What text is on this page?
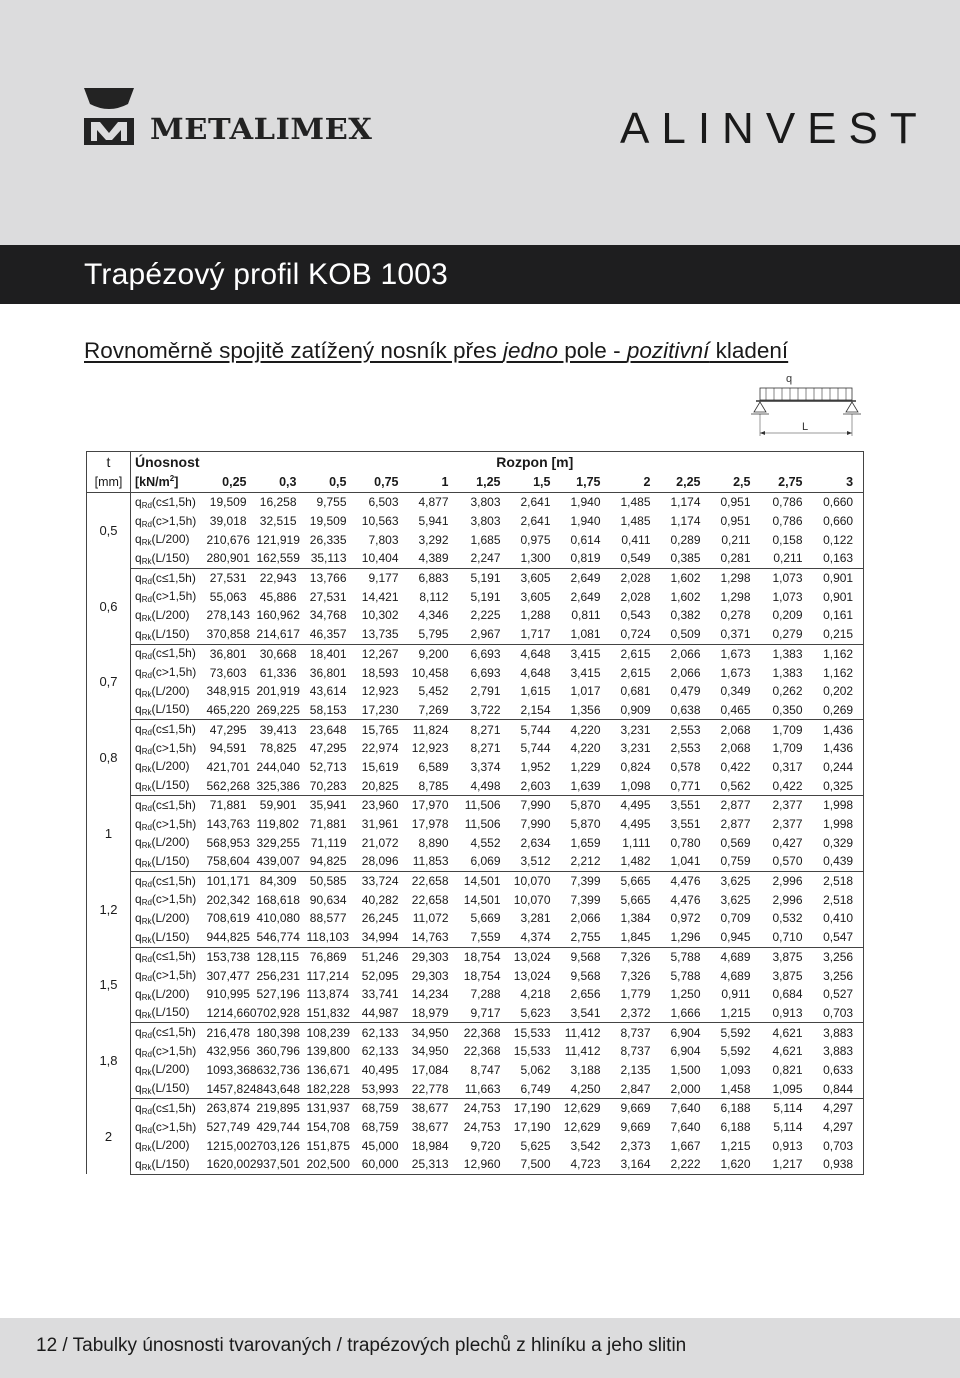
METALIMEX	ALINVEST
Trapézový profil KOB 1003
Rovnoměrně spojitě zatížený nosník přes jedno pole - pozitivní kladení
q
L
t	Únosnost	Rozpon [m]												
[mm]	$[kN/m^2]$	0,25	0,3	0,5	0,75	1	1,25	1,5	1,75	2	2,25	2,5	2,75	3
0,5	$q_{Rd}(c\le 1,5h)$	19,509	16,258	9,755	6,503	4,877	3,803	2,641	1,940	1,485	1,174	0,951	0,786	0,660
	$q_{Rd}(c>1,5h)$	39,018	32,515	19,509	10,563	5,941	3,803	2,641	1,940	1,485	1,174	0,951	0,786	0,660
	$q_{Rk}(L/200)$	210,676	121,919	26,335	7,803	3,292	1,685	0,975	0,614	0,411	0,289	0,211	0,158	0,122
	$q_{Rk}(L/150)$	280,901	162,559	35,113	10,404	4,389	2,247	1,300	0,819	0,549	0,385	0,281	0,211	0,163
0,6	$q_{Rd}(c\le 1,5h)$	27,531	22,943	13,766	9,177	6,883	5,191	3,605	2,649	2,028	1,602	1,298	1,073	0,901
	$q_{Rd}(c>1,5h)$	55,063	45,886	27,531	14,421	8,112	5,191	3,605	2,649	2,028	1,602	1,298	1,073	0,901
	$q_{Rk}(L/200)$	278,143	160,962	34,768	10,302	4,346	2,225	1,288	0,811	0,543	0,382	0,278	0,209	0,161
	$q_{Rk}(L/150)$	370,858	214,617	46,357	13,735	5,795	2,967	1,717	1,081	0,724	0,509	0,371	0,279	0,215
0,7	$q_{Rd}(c\le 1,5h)$	36,801	30,668	18,401	12,267	9,200	6,693	4,648	3,415	2,615	2,066	1,673	1,383	1,162
	$q_{Rd}(c>1,5h)$	73,603	61,336	36,801	18,593	10,458	6,693	4,648	3,415	2,615	2,066	1,673	1,383	1,162
	$q_{Rk}(L/200)$	348,915	201,919	43,614	12,923	5,452	2,791	1,615	1,017	0,681	0,479	0,349	0,262	0,202
	$q_{Rk}(L/150)$	465,220	269,225	58,153	17,230	7,269	3,722	2,154	1,356	0,909	0,638	0,465	0,350	0,269
0,8	$q_{Rd}(c\le 1,5h)$	47,295	39,413	23,648	15,765	11,824	8,271	5,744	4,220	3,231	2,553	2,068	1,709	1,436
	$q_{Rd}(c>1,5h)$	94,591	78,825	47,295	22,974	12,923	8,271	5,744	4,220	3,231	2,553	2,068	1,709	1,436
	$q_{Rk}(L/200)$	421,701	244,040	52,713	15,619	6,589	3,374	1,952	1,229	0,824	0,578	0,422	0,317	0,244
	$q_{Rk}(L/150)$	562,268	325,386	70,283	20,825	8,785	4,498	2,603	1,639	1,098	0,771	0,562	0,422	0,325
1	$q_{Rd}(c\le 1,5h)$	71,881	59,901	35,941	23,960	17,970	11,506	7,990	5,870	4,495	3,551	2,877	2,377	1,998
	$q_{Rd}(c>1,5h)$	143,763	119,802	71,881	31,961	17,978	11,506	7,990	5,870	4,495	3,551	2,877	2,377	1,998
	$q_{Rk}(L/200)$	568,953	329,255	71,119	21,072	8,890	4,552	2,634	1,659	1,111	0,780	0,569	0,427	0,329
	$q_{Rk}(L/150)$	758,604	439,007	94,825	28,096	11,853	6,069	3,512	2,212	1,482	1,041	0,759	0,570	0,439
1,2	$q_{Rd}(c\le 1,5h)$	101,171	84,309	50,585	33,724	22,658	14,501	10,070	7,399	5,665	4,476	3,625	2,996	2,518
	$q_{Rd}(c>1,5h)$	202,342	168,618	90,634	40,282	22,658	14,501	10,070	7,399	5,665	4,476	3,625	2,996	2,518
	$q_{Rk}(L/200)$	708,619	410,080	88,577	26,245	11,072	5,669	3,281	2,066	1,384	0,972	0,709	0,532	0,410
	$q_{Rk}(L/150)$	944,825	546,774	118,103	34,994	14,763	7,559	4,374	2,755	1,845	1,296	0,945	0,710	0,547
1,5	$q_{Rd}(c\le 1,5h)$	153,738	128,115	76,869	51,246	29,303	18,754	13,024	9,568	7,326	5,788	4,689	3,875	3,256
	$q_{Rd}(c>1,5h)$	307,477	256,231	117,214	52,095	29,303	18,754	13,024	9,568	7,326	5,788	4,689	3,875	3,256
	$q_{Rk}(L/200)$	910,995	527,196	113,874	33,741	14,234	7,288	4,218	2,656	1,779	1,250	0,911	0,684	0,527
	$q_{Rk}(L/150)$	1214,660	702,928	151,832	44,987	18,979	9,717	5,623	3,541	2,372	1,666	1,215	0,913	0,703
1,8	$q_{Rd}(c\le 1,5h)$	216,478	180,398	108,239	62,133	34,950	22,368	15,533	11,412	8,737	6,904	5,592	4,621	3,883
	$q_{Rd}(c>1,5h)$	432,956	360,796	139,800	62,133	34,950	22,368	15,533	11,412	8,737	6,904	5,592	4,621	3,883
	$q_{Rk}(L/200)$	1093,368	632,736	136,671	40,495	17,084	8,747	5,062	3,188	2,135	1,500	1,093	0,821	0,633
	$q_{Rk}(L/150)$	1457,824	843,648	182,228	53,993	22,778	11,663	6,749	4,250	2,847	2,000	1,458	1,095	0,844
2	$q_{Rd}(c\le 1,5h)$	263,874	219,895	131,937	68,759	38,677	24,753	17,190	12,629	9,669	7,640	6,188	5,114	4,297
	$q_{Rd}(c>1,5h)$	527,749	429,744	154,708	68,759	38,677	24,753	17,190	12,629	9,669	7,640	6,188	5,114	4,297
	$q_{Rk}(L/200)$	1215,002	703,126	151,875	45,000	18,984	9,720	5,625	3,542	2,373	1,667	1,215	0,913	0,703
	$q_{Rk}(L/150)$	1620,002	937,501	202,500	60,000	25,313	12,960	7,500	4,723	3,164	2,222	1,620	1,217	0,938
12 / Tabulky únosnosti tvarovaných / trapézových plechů z hliníku a jeho slitin
